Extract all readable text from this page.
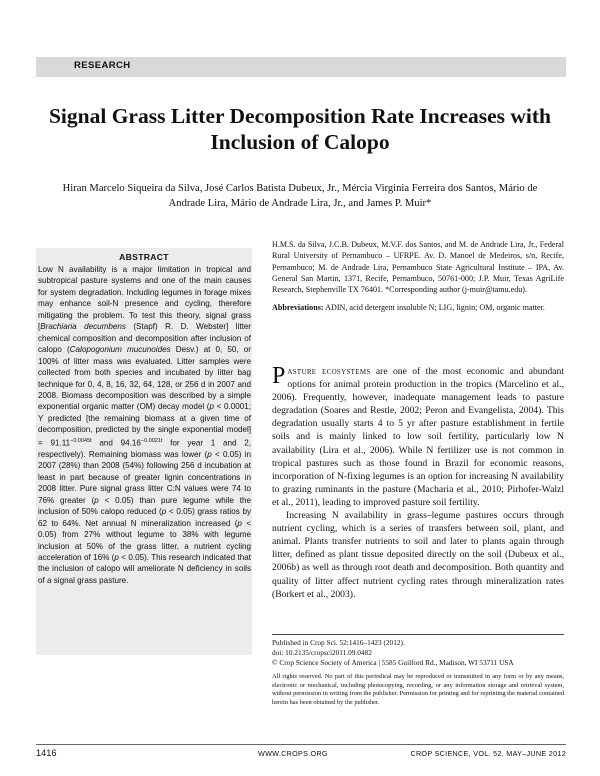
RESEARCH
Signal Grass Litter Decomposition Rate Increases with Inclusion of Calopo
Hiran Marcelo Siqueira da Silva, José Carlos Batista Dubeux, Jr., Mércia Virginia Ferreira dos Santos, Mário de Andrade Lira, Mário de Andrade Lira, Jr., and James P. Muir*
ABSTRACT
Low N availability is a major limitation in tropical and subtropical pasture systems and one of the main causes for system degradation. Including legumes in forage mixes may enhance soil-N presence and cycling, therefore mitigating the problem. To test this theory, signal grass [Brachiaria decumbens (Stapf) R. D. Webster] litter chemical composition and decomposition after inclusion of calopo (Calopogonium mucunoides Desv.) at 0, 50, or 100% of litter mass was evaluated. Litter samples were collected from both species and incubated by litter bag technique for 0, 4, 8, 16, 32, 64, 128, or 256 d in 2007 and 2008. Biomass decomposition was described by a simple exponential organic matter (OM) decay model (p < 0.0001; Y predicted [the remaining biomass at a given time of decomposition, predicted by the single exponential model] = $91.11^{-0.0045t}$ and $94.16^{-0.0021t}$ for year 1 and 2, respectively). Remaining biomass was lower (p < 0.05) in 2007 (28%) than 2008 (54%) following 256 d incubation at least in part because of greater lignin concentrations in 2008 litter. Pure signal grass litter C:N values were 74 to 76% greater (p < 0.05) than pure legume while the inclusion of 50% calopo reduced (p < 0.05) grass ratios by 62 to 64%. Net annual N mineralization increased (p < 0.05) from 27% without legume to 38% with legume inclusion at 50% of the grass litter, a nutrient cycling acceleration of 16% (p < 0.05). This research indicated that the inclusion of calopo will ameliorate N deficiency in soils of a signal grass pasture.

H.M.S. da Silva, J.C.B. Dubeux, M.V.F. dos Santos, and M. de Andrade Lira, Jr., Federal Rural University of Pernambuco – UFRPE. Av. D. Manoel de Medeiros, s/n, Recife, Pernambuco; M. de Andrade Lira, Pernambuco State Agricultural Institute – IPA, Av. General San Martin, 1371, Recife, Pernambuco, 50761-000; J.P. Muir, Texas AgriLife Research, Stephenville TX 76401. *Corresponding author (j-muir@tamu.edu).

Abbreviations: ADIN, acid detergent insoluble N; LIG, lignin; OM, organic matter.

Pasture ecosystems are one of the most economic and abundant options for animal protein production in the tropics (Marcelino et al., 2006). Frequently, however, inadequate management leads to pasture degradation (Soares and Restle, 2002; Peron and Evangelista, 2004). This degradation usually starts 4 to 5 yr after pasture establishment in fertile soils and is mainly linked to low soil fertility, particularly low N availability (Lira et al., 2006). While N fertilizer use is not common in tropical pastures such as those found in Brazil for economic reasons, incorporation of N-fixing legumes is an option for increasing N availability to grazing ruminants in the pasture (Macharia et al., 2010; Pirhofer-Walzl et al., 2011), leading to improved pasture soil fertility.

Increasing N availability in grass–legume pastures occurs through nutrient cycling, which is a series of transfers between soil, plant, and animal. Plants transfer nutrients to soil and later to plants again through litter, defined as plant tissue deposited directly on the soil (Dubeux et al., 2006b) as well as through root death and decomposition. Both quantity and quality of litter affect nutrient cycling rates through mineralization rates (Borkert et al., 2003).

Published in Crop Sci. 52:1416–1423 (2012).
doi: 10.2135/cropsci2011.09.0482
© Crop Science Society of America | 5585 Guilford Rd., Madison, WI 53711 USA
All rights reserved. No part of this periodical may be reproduced or transmitted in any form or by any means, electronic or mechanical, including photocopying, recording, or any information storage and retrieval system, without permission in writing from the publisher. Permission for printing and for reprinting the material contained herein has been obtained by the publisher.
1416	WWW.CROPS.ORG	CROP SCIENCE, VOL. 52, MAY–JUNE 2012
